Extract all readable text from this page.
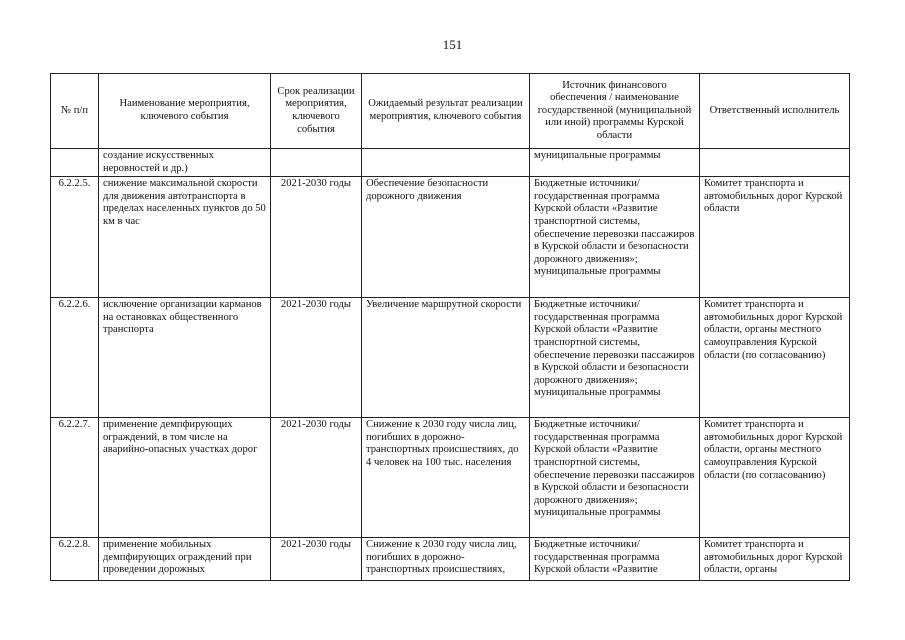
151
№ п/п	Наименование мероприятия, ключевого события	Срок реализации мероприятия, ключевого события	Ожидаемый результат реализации мероприятия, ключевого события	Источник финансового обеспечения / наименование государственной (муниципальной или иной) программы Курской области	Ответственный исполнитель
	создание искусственных неровностей и др.)			муниципальные программы	
6.2.2.5.	снижение максимальной скорости для движения автотранспорта в пределах населенных пунктов до 50 км в час	2021-2030 годы	Обеспечение безопасности дорожного движения	Бюджетные источники/ государственная программа Курской области «Развитие транспортной системы, обеспечение перевозки пассажиров в Курской области и безопасности дорожного движения»; муниципальные программы	Комитет транспорта и автомобильных дорог Курской области
6.2.2.6.	исключение организации карманов на остановках общественного транспорта	2021-2030 годы	Увеличение маршрутной скорости	Бюджетные источники/ государственная программа Курской области «Развитие транспортной системы, обеспечение перевозки пассажиров в Курской области и безопасности дорожного движения»; муниципальные программы	Комитет транспорта и автомобильных дорог Курской области, органы местного самоуправления Курской области (по согласованию)
6.2.2.7.	применение демпфирующих ограждений, в том числе на аварийно-опасных участках дорог	2021-2030 годы	Снижение к 2030 году числа лиц, погибших в дорожно-транспортных происшествиях, до 4 человек на 100 тыс. населения	Бюджетные источники/ государственная программа Курской области «Развитие транспортной системы, обеспечение перевозки пассажиров в Курской области и безопасности дорожного движения»; муниципальные программы	Комитет транспорта и автомобильных дорог Курской области, органы местного самоуправления Курской области (по согласованию)
6.2.2.8.	применение мобильных демпфирующих ограждений при проведении дорожных	2021-2030 годы	Снижение к 2030 году числа лиц, погибших в дорожно-транспортных происшествиях,	Бюджетные источники/ государственная программа Курской области «Развитие	Комитет транспорта и автомобильных дорог Курской области, органы
